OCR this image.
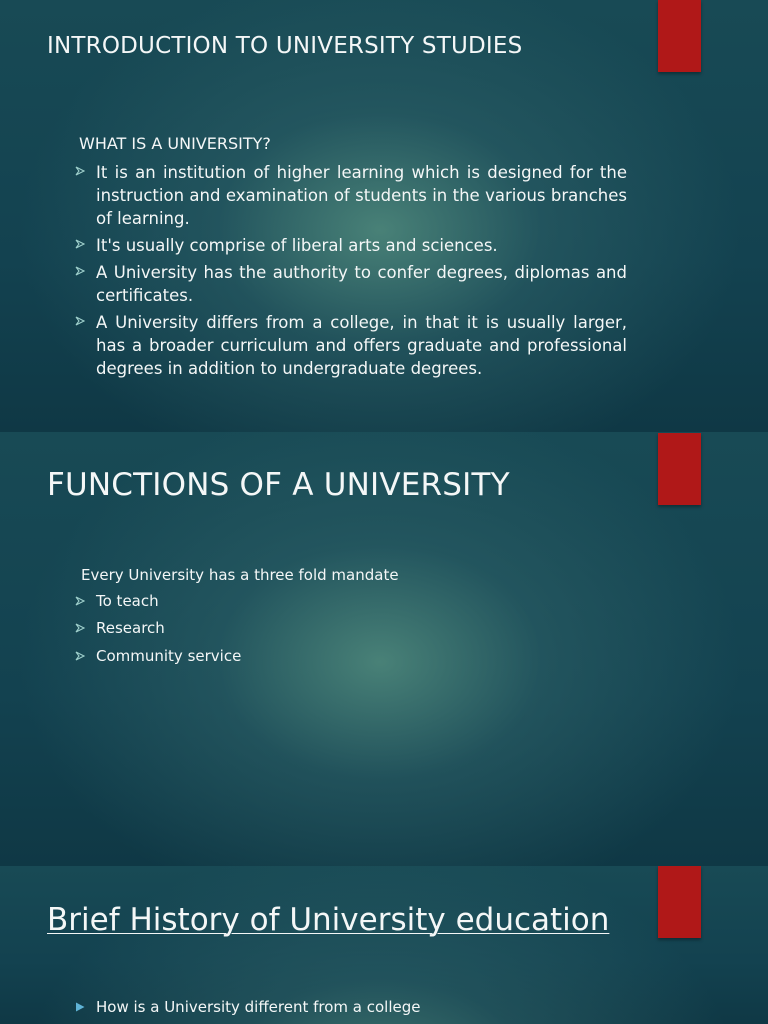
INTRODUCTION TO UNIVERSITY STUDIES

WHAT IS A UNIVERSITY?

It is an institution of higher learning which is designed for the instruction and examination of students in the various branches of learning.
It's usually comprise of liberal arts and sciences.
A University has the authority to confer degrees, diplomas and certificates.
A University differs from a college, in that it is usually larger, has a broader curriculum and offers graduate and professional degrees in addition to undergraduate degrees.
FUNCTIONS OF A UNIVERSITY

Every University has a three fold mandate

To teach
Research
Community service
Brief History of University education
How is a University different from a college
